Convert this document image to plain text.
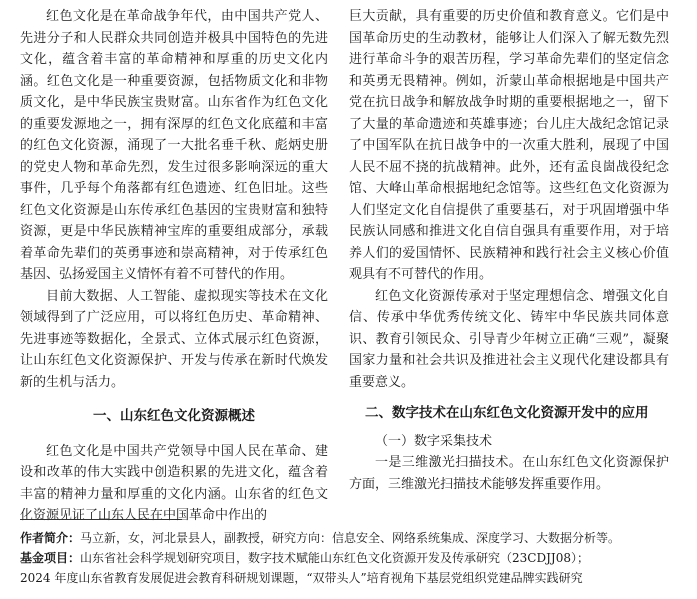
红色文化是在革命战争年代，由中国共产党人、先进分子和人民群众共同创造并极具中国特色的先进文化，蕴含着丰富的革命精神和厚重的历史文化内涵。红色文化是一种重要资源，包括物质文化和非物质文化，是中华民族宝贵财富。山东省作为红色文化的重要发源地之一，拥有深厚的红色文化底蕴和丰富的红色文化资源，涌现了一大批名垂千秋、彪炳史册的党史人物和革命先烈，发生过很多影响深远的重大事件，几乎每个角落都有红色遗迹、红色旧址。这些红色文化资源是山东传承红色基因的宝贵财富和独特资源，更是中华民族精神宝库的重要组成部分，承载着革命先辈们的英勇事迹和崇高精神，对于传承红色基因、弘扬爱国主义情怀有着不可替代的作用。

目前大数据、人工智能、虚拟现实等技术在文化领域得到了广泛应用，可以将红色历史、革命精神、先进事迹等数据化，全景式、立体式展示红色资源，让山东红色文化资源保护、开发与传承在新时代焕发新的生机与活力。

一、山东红色文化资源概述

红色文化是中国共产党领导中国人民在革命、建设和改革的伟大实践中创造积累的先进文化，蕴含着丰富的精神力量和厚重的文化内涵。山东省的红色文化资源见证了山东人民在中国革命中作出的

巨大贡献，具有重要的历史价值和教育意义。它们是中国革命历史的生动教材，能够让人们深入了解无数先烈进行革命斗争的艰苦历程，学习革命先辈们的坚定信念和英勇无畏精神。例如，沂蒙山革命根据地是中国共产党在抗日战争和解放战争时期的重要根据地之一，留下了大量的革命遗迹和英雄事迹；台儿庄大战纪念馆记录了中国军队在抗日战争中的一次重大胜利，展现了中国人民不屈不挠的抗战精神。此外，还有孟良崮战役纪念馆、大峰山革命根据地纪念馆等。这些红色文化资源为人们坚定文化自信提供了重要基石，对于巩固增强中华民族认同感和推进文化自信自强具有重要作用，对于培养人们的爱国情怀、民族精神和践行社会主义核心价值观具有不可替代的作用。

红色文化资源传承对于坚定理想信念、增强文化自信、传承中华优秀传统文化、铸牢中华民族共同体意识、教育引领民众、引导青少年树立正确“三观”，凝聚国家力量和社会共识及推进社会主义现代化建设都具有重要意义。

二、数字技术在山东红色文化资源开发中的应用

（一）数字采集技术

一是三维激光扫描技术。在山东红色文化资源保护方面，三维激光扫描技术能够发挥重要作用。

作者简介：马立新，女，河北景县人，副教授，研究方向：信息安全、网络系统集成、深度学习、大数据分析等。

基金项目：山东省社会科学规划研究项目，数字技术赋能山东红色文化资源开发及传承研究（23CDJJ08）；

2024 年度山东省教育发展促进会教育科研规划课题，“双带头人”培育视角下基层党组织党建品牌实践研究
